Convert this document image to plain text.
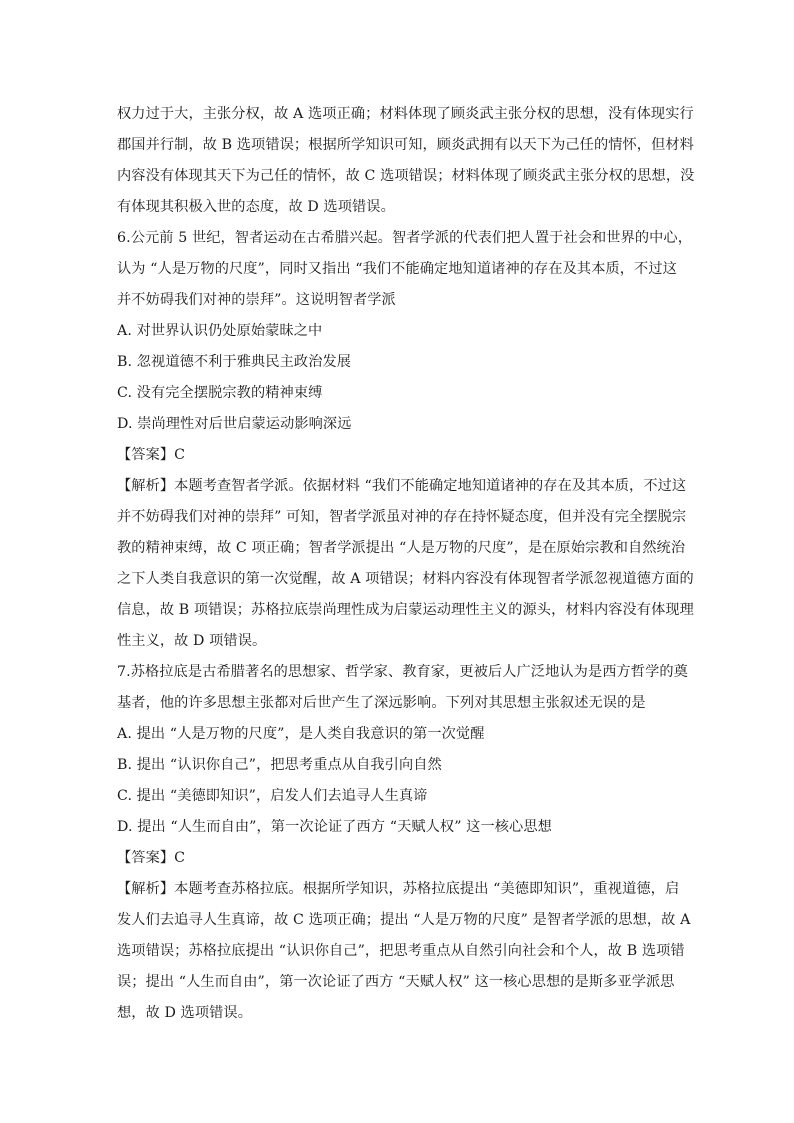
权力过于大，主张分权，故 A 选项正确；材料体现了顾炎武主张分权的思想，没有体现实行
郡国并行制，故 B 选项错误；根据所学知识可知，顾炎武拥有以天下为己任的情怀，但材料
内容没有体现其天下为己任的情怀，故 C 选项错误；材料体现了顾炎武主张分权的思想，没
有体现其积极入世的态度，故 D 选项错误。
6.公元前 5 世纪，智者运动在古希腊兴起。智者学派的代表们把人置于社会和世界的中心，
认为 “人是万物的尺度”，同时又指出 “我们不能确定地知道诸神的存在及其本质，不过这
并不妨碍我们对神的崇拜”。这说明智者学派
A. 对世界认识仍处原始蒙昧之中
B. 忽视道德不利于雅典民主政治发展
C. 没有完全摆脱宗教的精神束缚
D. 崇尚理性对后世启蒙运动影响深远
【答案】C
【解析】本题考查智者学派。依据材料 “我们不能确定地知道诸神的存在及其本质，不过这
并不妨碍我们对神的崇拜” 可知，智者学派虽对神的存在持怀疑态度，但并没有完全摆脱宗
教的精神束缚，故 C 项正确；智者学派提出 “人是万物的尺度”，是在原始宗教和自然统治
之下人类自我意识的第一次觉醒，故 A 项错误；材料内容没有体现智者学派忽视道德方面的
信息，故 B 项错误；苏格拉底崇尚理性成为启蒙运动理性主义的源头，材料内容没有体现理
性主义，故 D 项错误。
7.苏格拉底是古希腊著名的思想家、哲学家、教育家，更被后人广泛地认为是西方哲学的奠
基者，他的许多思想主张都对后世产生了深远影响。下列对其思想主张叙述无误的是
A. 提出 “人是万物的尺度”，是人类自我意识的第一次觉醒
B. 提出 “认识你自己”，把思考重点从自我引向自然
C. 提出 “美德即知识”，启发人们去追寻人生真谛
D. 提出 “人生而自由”，第一次论证了西方 “天赋人权” 这一核心思想
【答案】C
【解析】本题考查苏格拉底。根据所学知识，苏格拉底提出 “美德即知识”，重视道德，启
发人们去追寻人生真谛，故 C 选项正确；提出 “人是万物的尺度” 是智者学派的思想，故 A
选项错误；苏格拉底提出 “认识你自己”，把思考重点从自然引向社会和个人，故 B 选项错
误；提出 “人生而自由”，第一次论证了西方 “天赋人权” 这一核心思想的是斯多亚学派思
想，故 D 选项错误。
